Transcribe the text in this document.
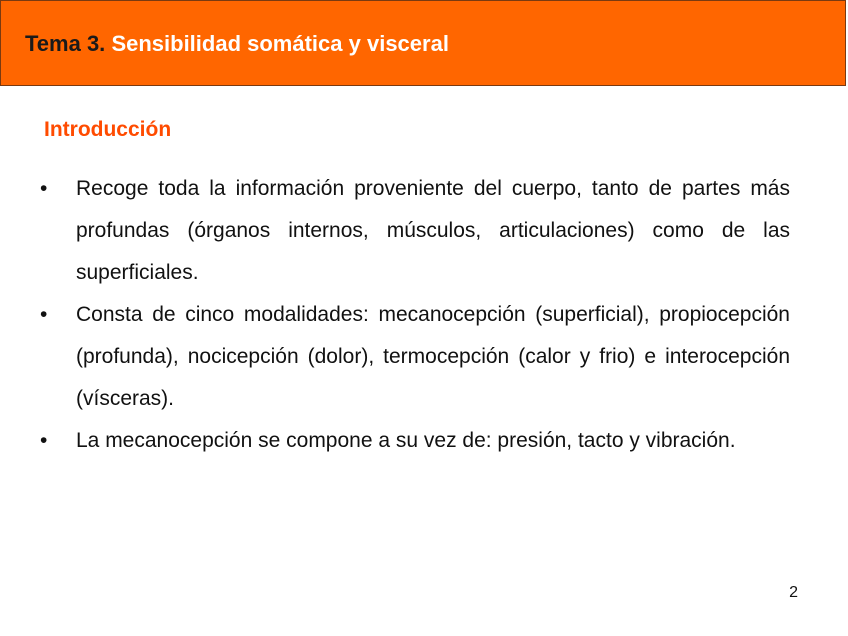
Tema 3. Sensibilidad somática y visceral
Introducción
•	Recoge toda la información proveniente del cuerpo, tanto de partes más profundas (órganos internos, músculos, articulaciones) como de las superficiales.
•	Consta de cinco modalidades: mecanocepción (superficial), propiocepción (profunda), nocicepción (dolor), termocepción (calor y frio) e interocepción (vísceras).
•	La mecanocepción se compone a su vez de: presión, tacto y vibración.
2
